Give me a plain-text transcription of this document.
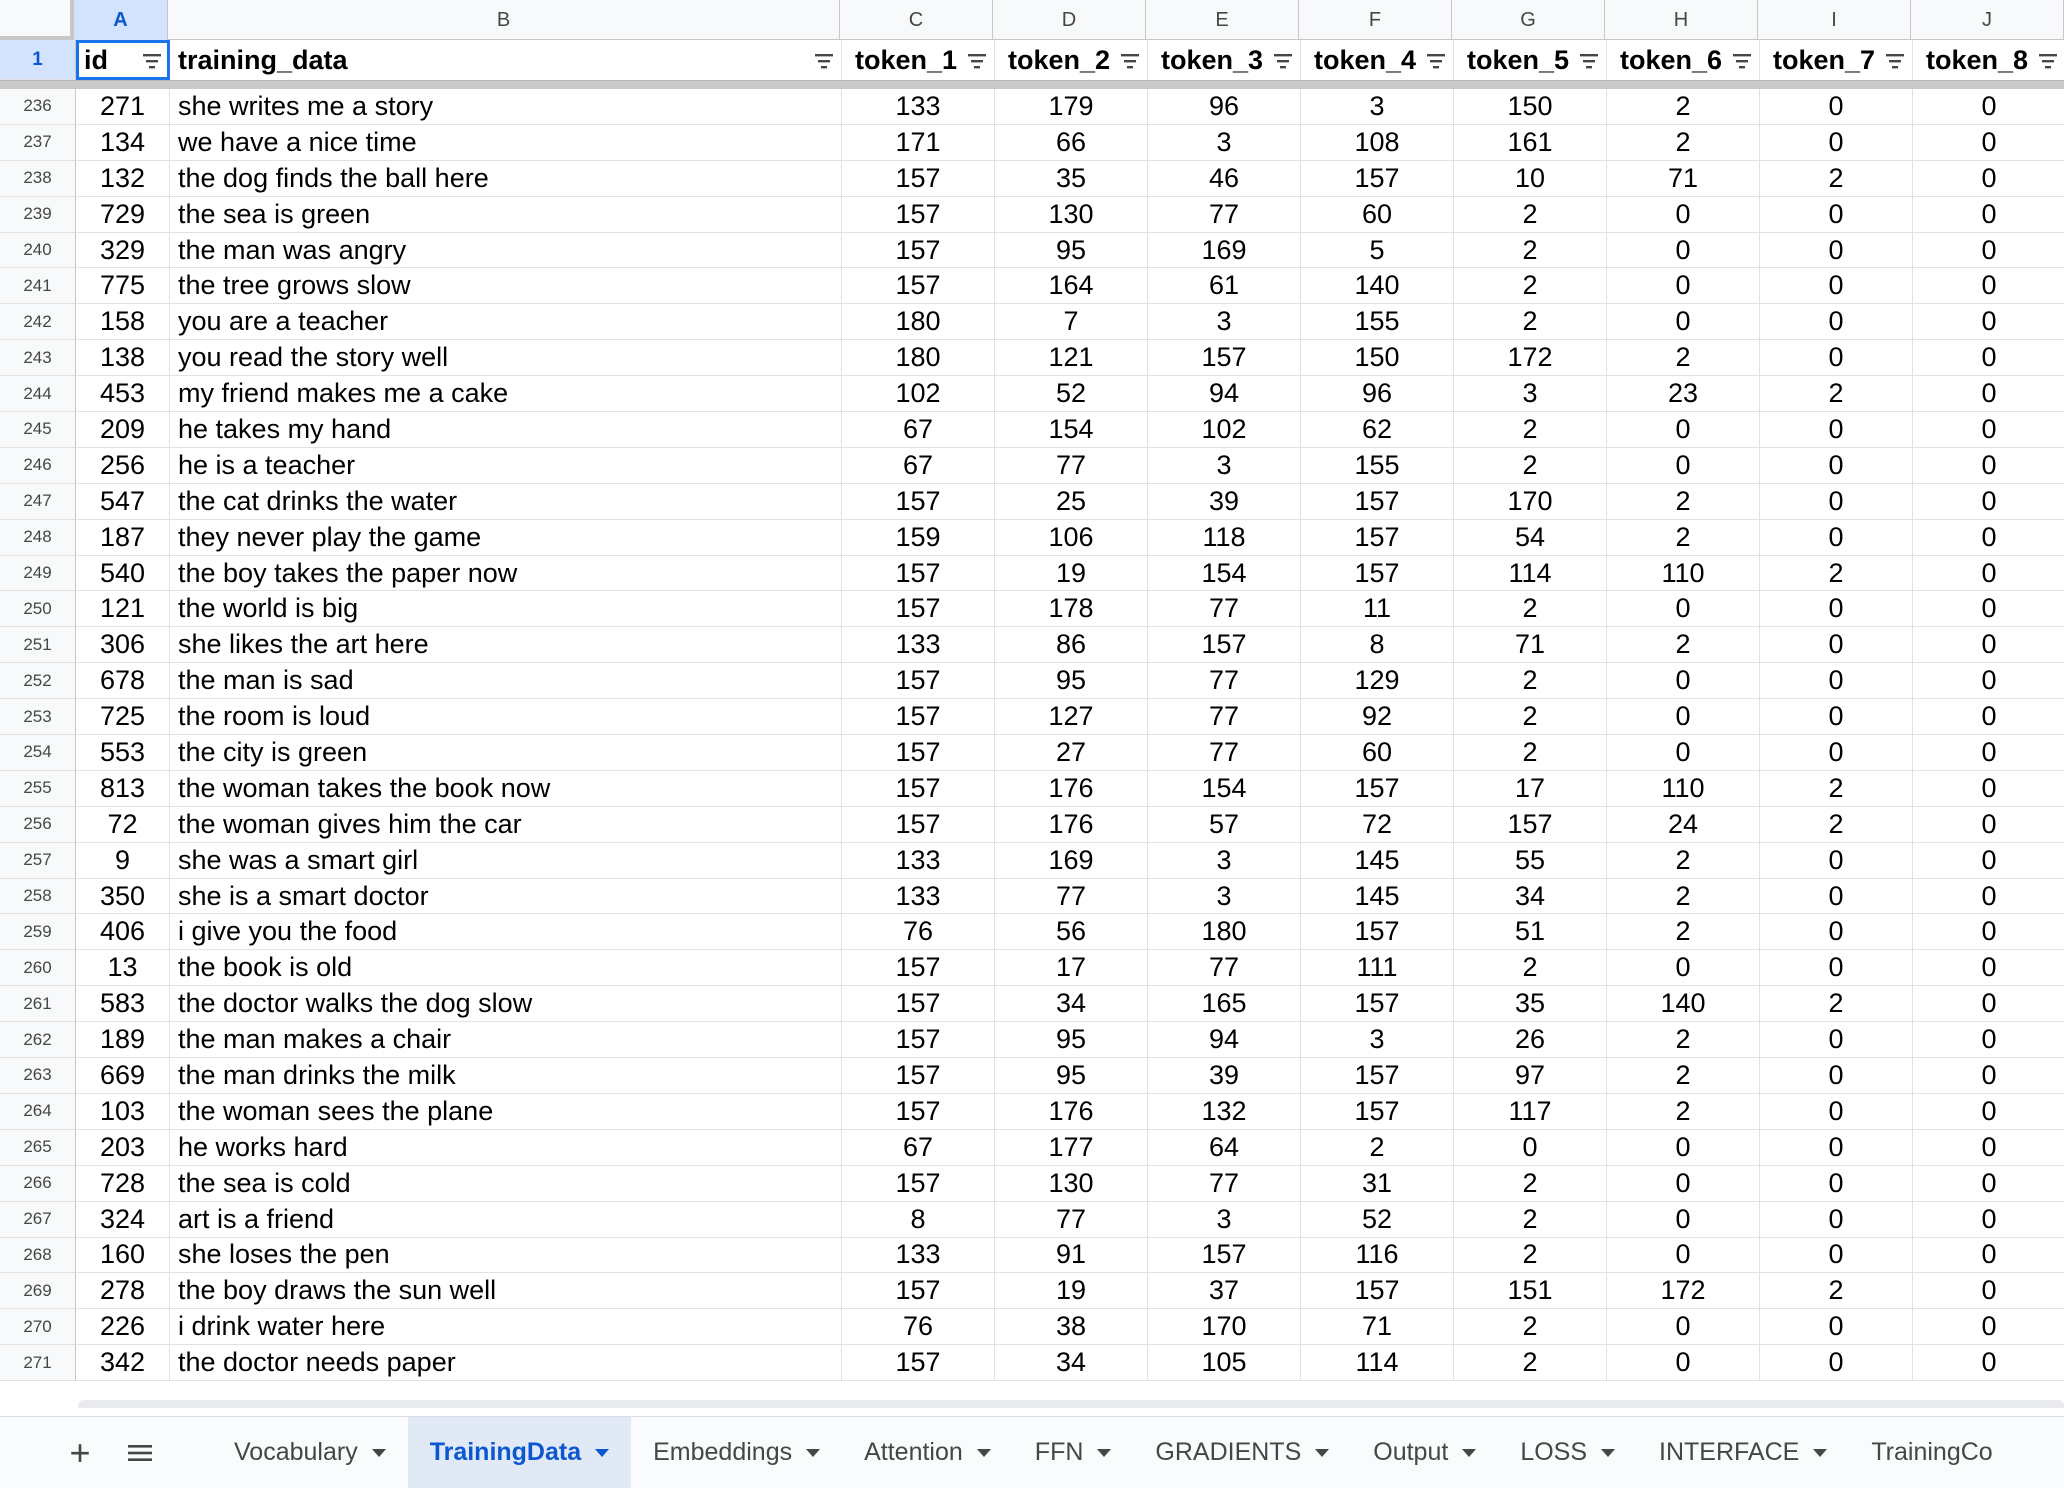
A	B	C	D	E	F	G	H	I	J
1	id	training_data	token_1 token_2 token_3 token_4 token_5 token_6 token_7 token_8
236	271	she writes me a story	133	179	96	3	150	2	0	0
237	134	we have a nice time	171	66	3	108	161	2	0	0
238	132	the dog finds the ball here	157	35	46	157	10	71	2	0
239	729	the sea is green	157	130	77	60	2	0	0	0
240	329	the man was angry	157	95	169	5	2	0	0	0
241	775	the tree grows slow	157	164	61	140	2	0	0	0
242	158	you are a teacher	180	7	3	155	2	0	0	0
243	138	you read the story well	180	121	157	150	172	2	0	0
244	453	my friend makes me a cake	102	52	94	96	3	23	2	0
245	209	he takes my hand	67	154	102	62	2	0	0	0
246	256	he is a teacher	67	77	3	155	2	0	0	0
247	547	the cat drinks the water	157	25	39	157	170	2	0	0
248	187	they never play the game	159	106	118	157	54	2	0	0
249	540	the boy takes the paper now	157	19	154	157	114	110	2	0
250	121	the world is big	157	178	77	11	2	0	0	0
251	306	she likes the art here	133	86	157	8	71	2	0	0
252	678	the man is sad	157	95	77	129	2	0	0	0
253	725	the room is loud	157	127	77	92	2	0	0	0
254	553	the city is green	157	27	77	60	2	0	0	0
255	813	the woman takes the book now	157	176	154	157	17	110	2	0
256	72	the woman gives him the car	157	176	57	72	157	24	2	0
257	9	she was a smart girl	133	169	3	145	55	2	0	0
258	350	she is a smart doctor	133	77	3	145	34	2	0	0
259	406	i give you the food	76	56	180	157	51	2	0	0
260	13	the book is old	157	17	77	111	2	0	0	0
261	583	the doctor walks the dog slow	157	34	165	157	35	140	2	0
262	189	the man makes a chair	157	95	94	3	26	2	0	0
263	669	the man drinks the milk	157	95	39	157	97	2	0	0
264	103	the woman sees the plane	157	176	132	157	117	2	0	0
265	203	he works hard	67	177	64	2	0	0	0	0
266	728	the sea is cold	157	130	77	31	2	0	0	0
267	324	art is a friend	8	77	3	52	2	0	0	0
268	160	she loses the pen	133	91	157	116	2	0	0	0
269	278	the boy draws the sun well	157	19	37	157	151	172	2	0
270	226	i drink water here	76	38	170	71	2	0	0	0
271	342	the doctor needs paper	157	34	105	114	2	0	0	0
+	Vocabulary	TrainingData	Embeddings	Attention	FFN	GRADIENTS	Output	LOSS	INTERFACE	TrainingCo
